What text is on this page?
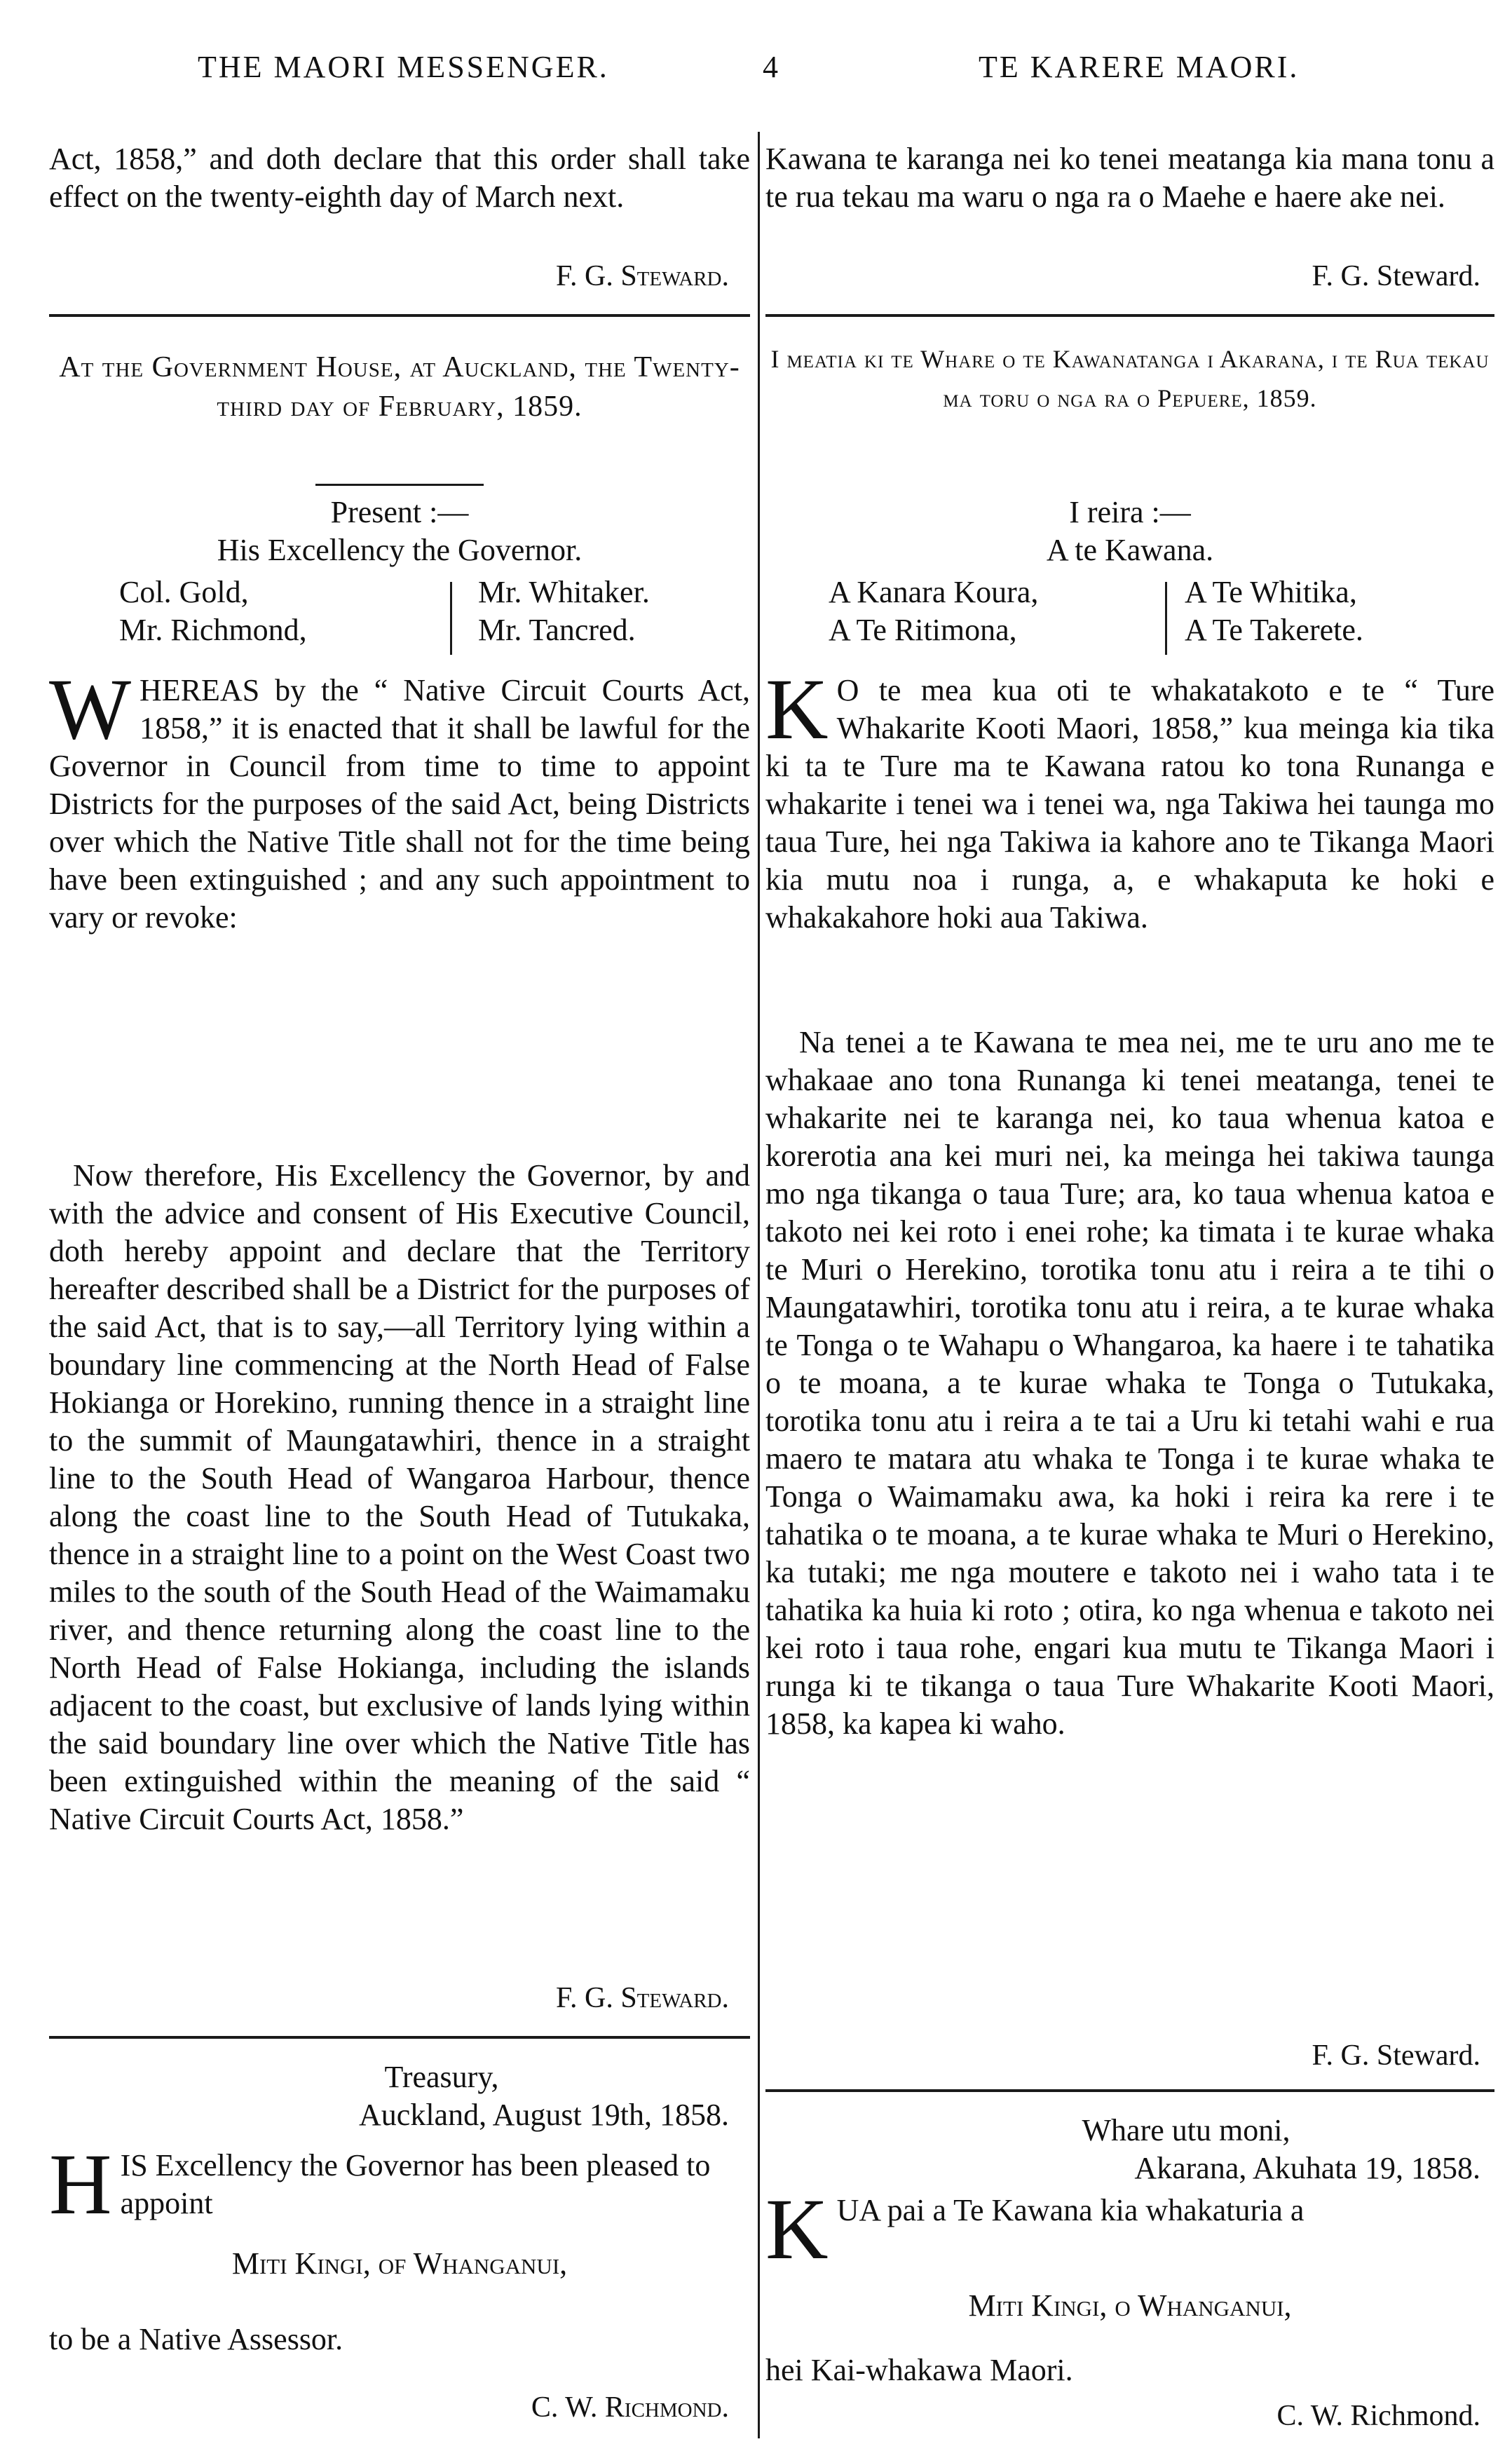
THE MAORI MESSENGER.	4	TE KARERE MAORI.

Act, 1858,” and doth declare that this order shall take effect on the twenty-eighth day of March next.

F. G. Steward.

At the Government House, at Auckland, the Twenty-third day of February, 1859.

Present :—

His Excellency the Governor.

Col. Gold,
Mr. Richmond,
Mr. Whitaker.
Mr. Tancred.

WHEREAS by the “ Native Circuit Courts Act, 1858,” it is enacted that it shall be lawful for the Governor in Council from time to time to appoint Districts for the purposes of the said Act, being Districts over which the Native Title shall not for the time being have been extinguished ; and any such appointment to vary or revoke:

Now therefore, His Excellency the Governor, by and with the advice and consent of His Executive Council, doth hereby appoint and declare that the Territory hereafter described shall be a District for the purposes of the said Act, that is to say,—all Territory lying within a boundary line commencing at the North Head of False Hokianga or Horekino, running thence in a straight line to the summit of Maungatawhiri, thence in a straight line to the South Head of Wangaroa Harbour, thence along the coast line to the South Head of Tutukaka, thence in a straight line to a point on the West Coast two miles to the south of the South Head of the Waimamaku river, and thence returning along the coast line to the North Head of False Hokianga, including the islands adjacent to the coast, but exclusive of lands lying within the said boundary line over which the Native Title has been extinguished within the meaning of the said “ Native Circuit Courts Act, 1858.”

F. G. Steward.

Treasury,

Auckland, August 19th, 1858.

HIS Excellency the Governor has been pleased to appoint

Miti Kingi, of Whanganui,

to be a Native Assessor.

C. W. Richmond.

Kawana te karanga nei ko tenei meatanga kia mana tonu a te rua tekau ma waru o nga ra o Maehe e haere ake nei.

F. G. Steward.

I meatia ki te Whare o te Kawanatanga i Akarana, i te Rua tekau ma toru o nga ra o Pepuere, 1859.

I reira :—

A te Kawana.

A Kanara Koura,
A Te Ritimona,
A Te Whitika,
A Te Takerete.

K O te mea kua oti te whakatakoto e te “ Ture Whakarite Kooti Maori, 1858,” kua meinga kia tika ki ta te Ture ma te Kawana ratou ko tona Runanga e whakarite i tenei wa i tenei wa, nga Takiwa hei taunga mo taua Ture, hei nga Takiwa ia kahore ano te Tikanga Maori kia mutu noa i runga, a, e whakaputa ke hoki e whakakahore hoki aua Takiwa.

Na tenei a te Kawana te mea nei, me te uru ano me te whakaae ano tona Runanga ki tenei meatanga, tenei te whakarite nei te karanga nei, ko taua whenua katoa e korerotia ana kei muri nei, ka meinga hei takiwa taunga mo nga tikanga o taua Ture; ara, ko taua whenua katoa e takoto nei kei roto i enei rohe; ka timata i te kurae whaka te Muri o Herekino, torotika tonu atu i reira a te tihi o Maungatawhiri, torotika tonu atu i reira, a te kurae whaka te Tonga o te Wahapu o Whangaroa, ka haere i te tahatika o te moana, a te kurae whaka te Tonga o Tutukaka, torotika tonu atu i reira a te tai a Uru ki tetahi wahi e rua maero te matara atu whaka te Tonga i te kurae whaka te Tonga o Waimamaku awa, ka hoki i reira ka rere i te tahatika o te moana, a te kurae whaka te Muri o Herekino, ka tutaki; me nga moutere e takoto nei i waho tata i te tahatika ka huia ki roto ; otira, ko nga whenua e takoto nei kei roto i taua rohe, engari kua mutu te Tikanga Maori i runga ki te tikanga o taua Ture Whakarite Kooti Maori, 1858, ka kapea ki waho.

F. G. Steward.

Whare utu moni,

Akarana, Akuhata 19, 1858.

KUA pai a Te Kawana kia whakaturia a

Miti Kingi, o Whanganui,

hei Kai-whakawa Maori.

C. W. Richmond.
